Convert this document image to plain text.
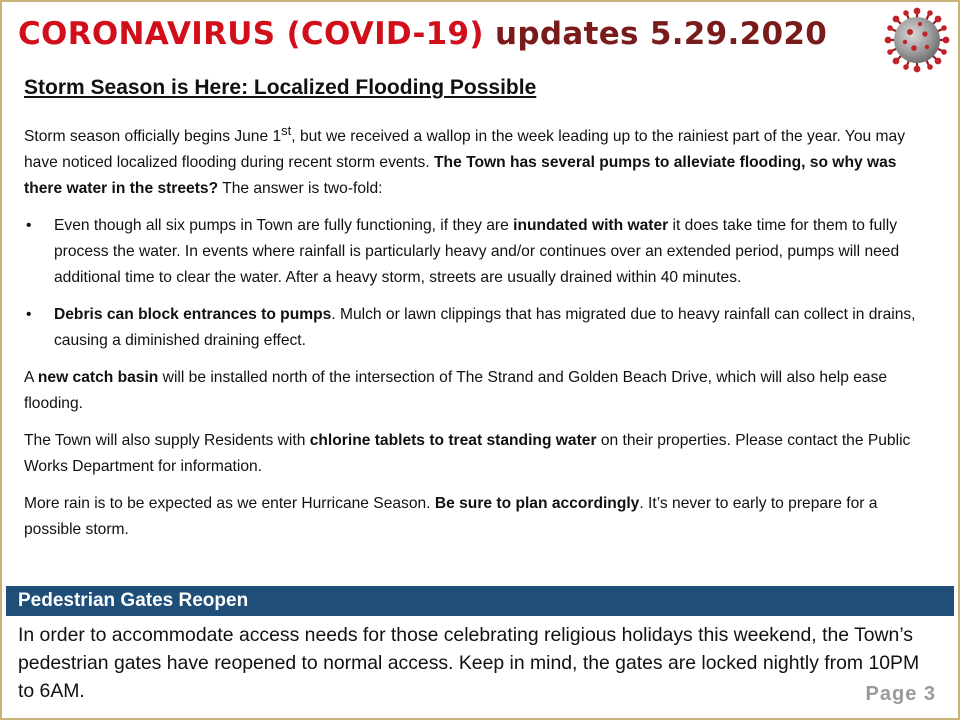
CORONAVIRUS (COVID-19) updates 5.29.2020
Storm Season is Here: Localized Flooding Possible

Storm season officially begins June 1st, but we received a wallop in the week leading up to the rainiest part of the year. You may have noticed localized flooding during recent storm events. The Town has several pumps to alleviate flooding, so why was there water in the streets? The answer is two-fold:

• Even though all six pumps in Town are fully functioning, if they are inundated with water it does take time for them to fully process the water. In events where rainfall is particularly heavy and/or continues over an extended period, pumps will need additional time to clear the water. After a heavy storm, streets are usually drained within 40 minutes.
• Debris can block entrances to pumps. Mulch or lawn clippings that has migrated due to heavy rainfall can collect in drains, causing a diminished draining effect.

A new catch basin will be installed north of the intersection of The Strand and Golden Beach Drive, which will also help ease flooding.

The Town will also supply Residents with chlorine tablets to treat standing water on their properties. Please contact the Public Works Department for information.

More rain is to be expected as we enter Hurricane Season. Be sure to plan accordingly. It’s never to early to prepare for a possible storm.

Pedestrian Gates Reopen

In order to accommodate access needs for those celebrating religious holidays this weekend, the Town’s pedestrian gates have reopened to normal access. Keep in mind, the gates are locked nightly from 10PM to 6AM.	Page 3
